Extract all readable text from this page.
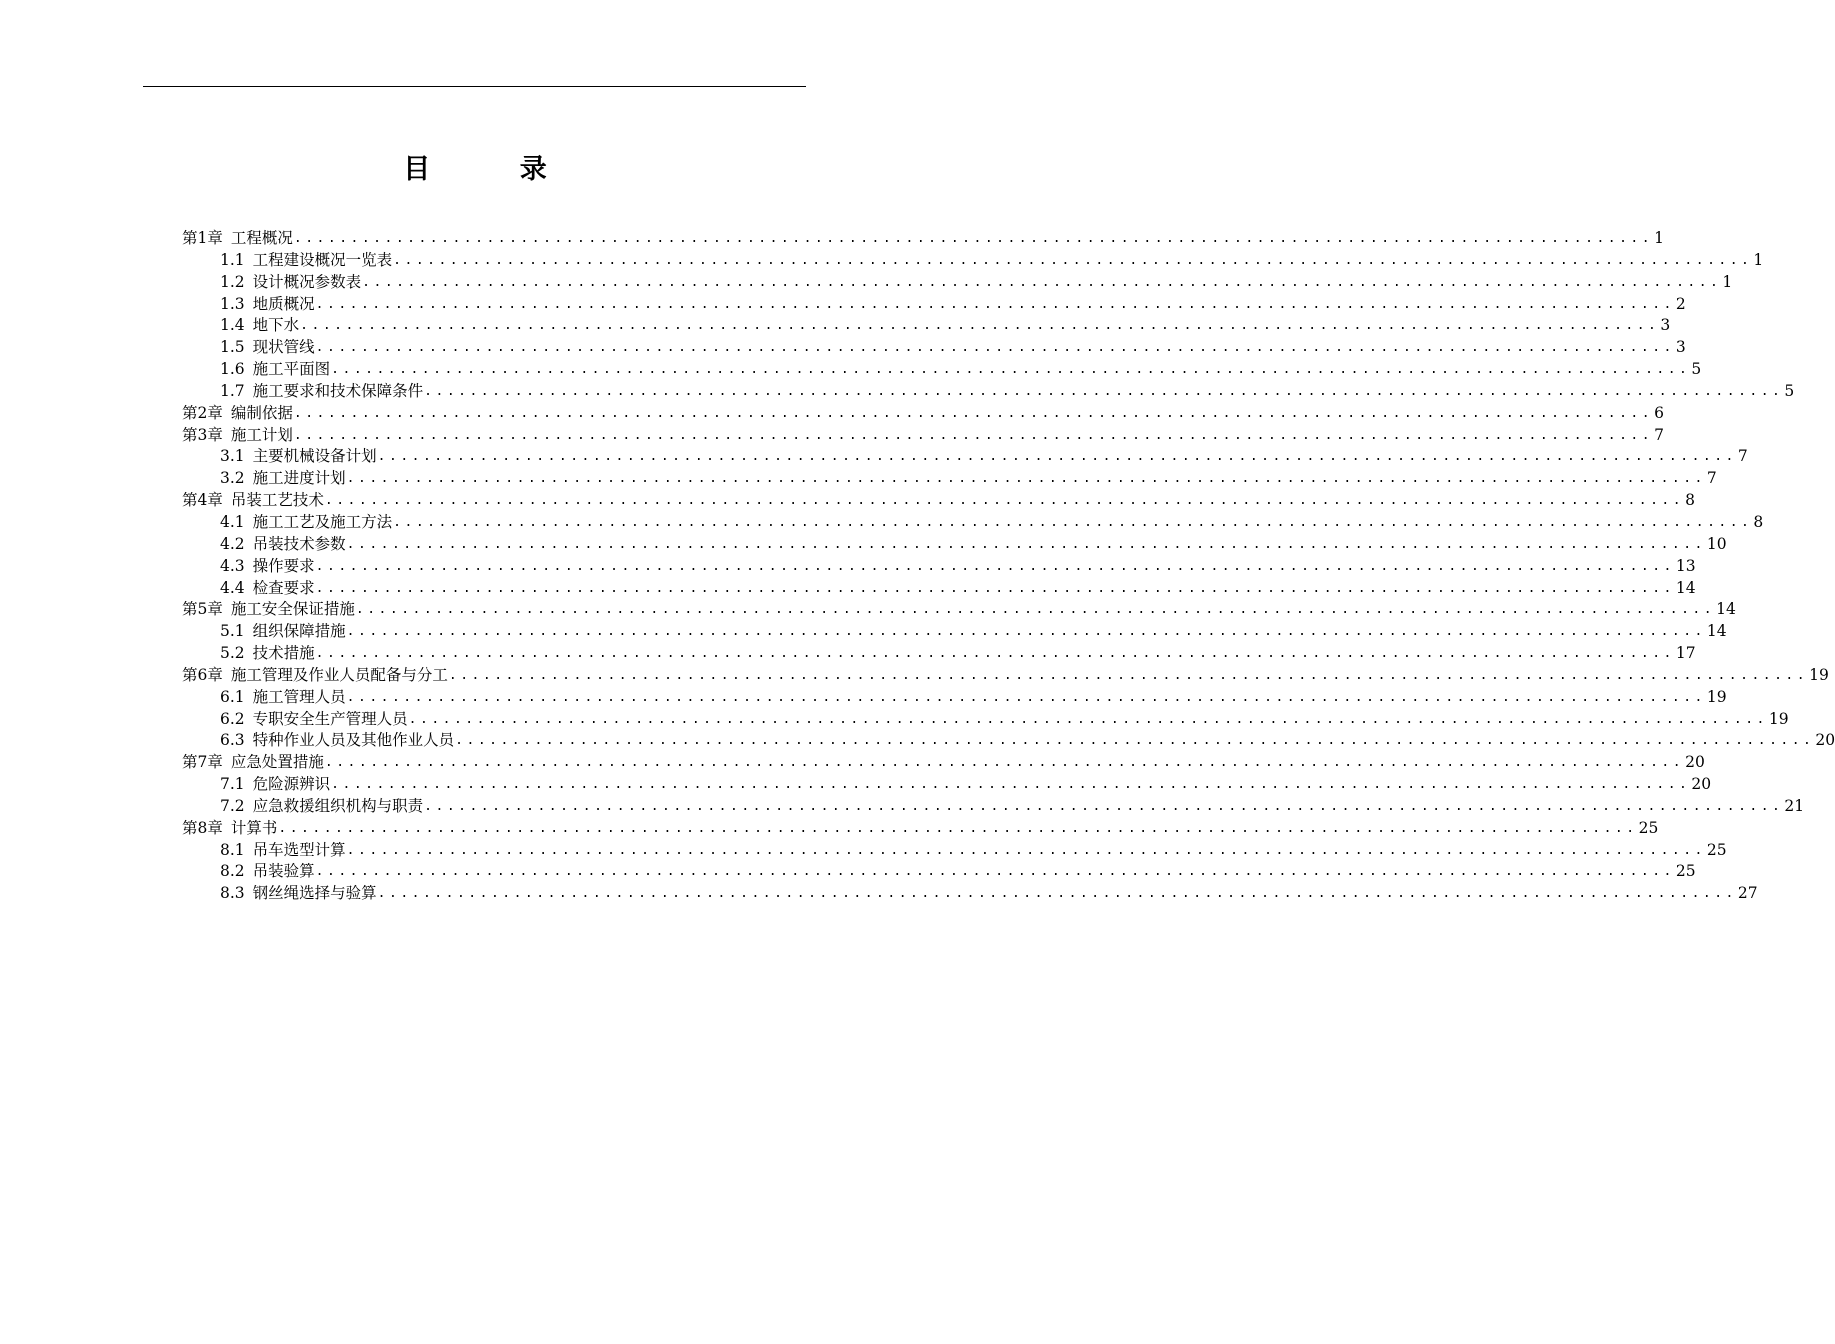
目 录
第1章 工程概况 ........................................................................................................................ 1
1.1 工程建设概况一览表 ........................................................................................................................ 1
1.2 设计概况参数表 ........................................................................................................................ 1
1.3 地质概况 ........................................................................................................................ 2
1.4 地下水 ........................................................................................................................ 3
1.5 现状管线 ........................................................................................................................ 3
1.6 施工平面图 ........................................................................................................................ 5
1.7 施工要求和技术保障条件 ........................................................................................................................ 5
第2章 编制依据 ........................................................................................................................ 6
第3章 施工计划 ........................................................................................................................ 7
3.1 主要机械设备计划 ........................................................................................................................ 7
3.2 施工进度计划 ........................................................................................................................ 7
第4章 吊装工艺技术 ........................................................................................................................ 8
4.1 施工工艺及施工方法 ........................................................................................................................ 8
4.2 吊装技术参数 ........................................................................................................................ 10
4.3 操作要求 ........................................................................................................................ 13
4.4 检查要求 ........................................................................................................................ 14
第5章 施工安全保证措施 ........................................................................................................................ 14
5.1 组织保障措施 ........................................................................................................................ 14
5.2 技术措施 ........................................................................................................................ 17
第6章 施工管理及作业人员配备与分工 ........................................................................................................................ 19
6.1 施工管理人员 ........................................................................................................................ 19
6.2 专职安全生产管理人员 ........................................................................................................................ 19
6.3 特种作业人员及其他作业人员 ........................................................................................................................ 20
第7章 应急处置措施 ........................................................................................................................ 20
7.1 危险源辨识 ........................................................................................................................ 20
7.2 应急救援组织机构与职责 ........................................................................................................................ 21
第8章 计算书 ........................................................................................................................ 25
8.1 吊车选型计算 ........................................................................................................................ 25
8.2 吊装验算 ........................................................................................................................ 25
8.3 钢丝绳选择与验算 ........................................................................................................................ 27
